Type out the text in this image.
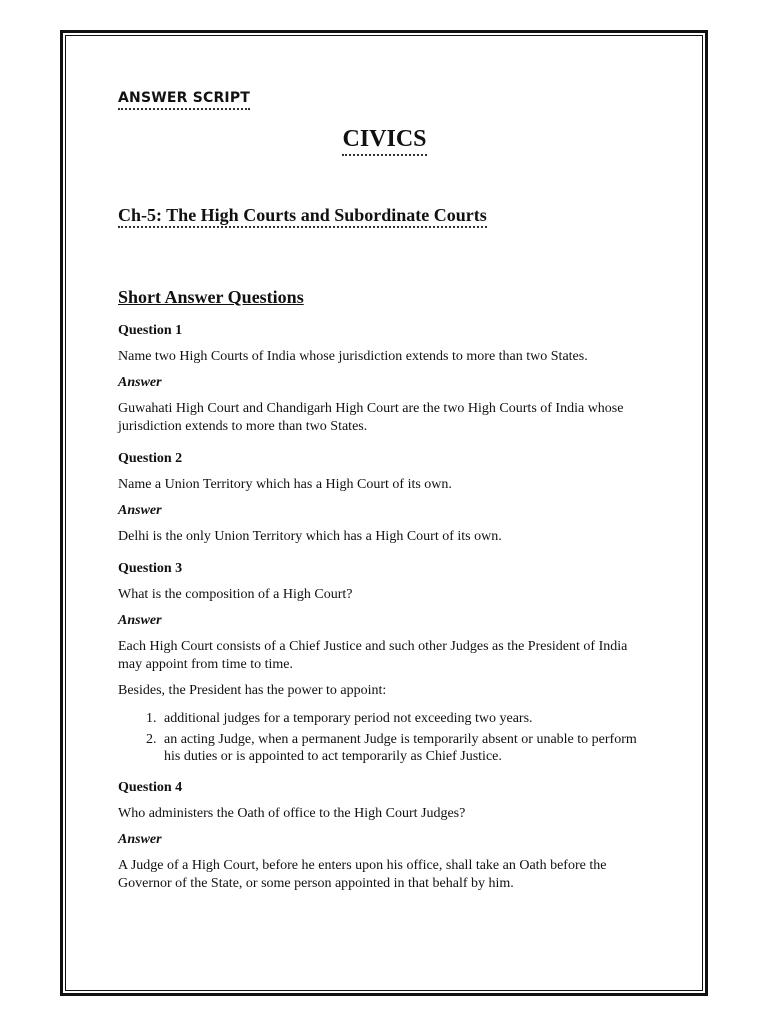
ANSWER SCRIPT
CIVICS
Ch-5: The High Courts and Subordinate Courts
Short Answer Questions
Question 1
Name two High Courts of India whose jurisdiction extends to more than two States.
Answer
Guwahati High Court and Chandigarh High Court are the two High Courts of India whose jurisdiction extends to more than two States.
Question 2
Name a Union Territory which has a High Court of its own.
Answer
Delhi is the only Union Territory which has a High Court of its own.
Question 3
What is the composition of a High Court?
Answer
Each High Court consists of a Chief Justice and such other Judges as the President of India may appoint from time to time.
Besides, the President has the power to appoint:
1. additional judges for a temporary period not exceeding two years.
2. an acting Judge, when a permanent Judge is temporarily absent or unable to perform his duties or is appointed to act temporarily as Chief Justice.
Question 4
Who administers the Oath of office to the High Court Judges?
Answer
A Judge of a High Court, before he enters upon his office, shall take an Oath before the Governor of the State, or some person appointed in that behalf by him.
